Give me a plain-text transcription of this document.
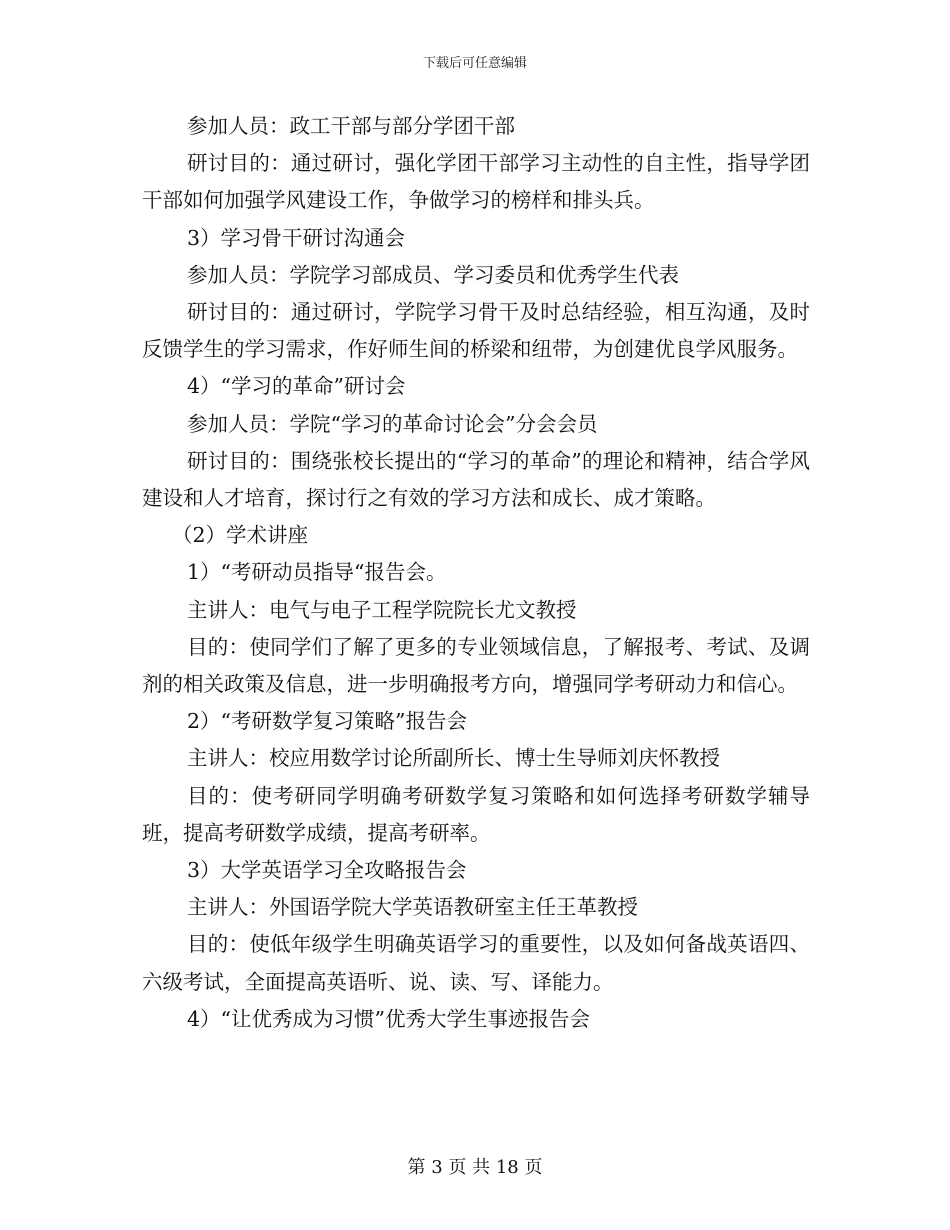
下载后可任意编辑

参加人员：政工干部与部分学团干部

研讨目的：通过研讨，强化学团干部学习主动性的自主性，指导学团干部如何加强学风建设工作，争做学习的榜样和排头兵。

3）学习骨干研讨沟通会

参加人员：学院学习部成员、学习委员和优秀学生代表

研讨目的：通过研讨，学院学习骨干及时总结经验，相互沟通，及时反馈学生的学习需求，作好师生间的桥梁和纽带，为创建优良学风服务。

4）“学习的革命”研讨会

参加人员：学院“学习的革命讨论会”分会会员

研讨目的：围绕张校长提出的“学习的革命”的理论和精神，结合学风建设和人才培育，探讨行之有效的学习方法和成长、成才策略。

（2）学术讲座

1）“考研动员指导“报告会。

主讲人：电气与电子工程学院院长尤文教授

目的：使同学们了解了更多的专业领域信息，了解报考、考试、及调剂的相关政策及信息，进一步明确报考方向，增强同学考研动力和信心。

2）“考研数学复习策略”报告会

主讲人：校应用数学讨论所副所长、博士生导师刘庆怀教授

目的：使考研同学明确考研数学复习策略和如何选择考研数学辅导班，提高考研数学成绩，提高考研率。

3）大学英语学习全攻略报告会

主讲人：外国语学院大学英语教研室主任王革教授

目的：使低年级学生明确英语学习的重要性，以及如何备战英语四、六级考试，全面提高英语听、说、读、写、译能力。

4）“让优秀成为习惯”优秀大学生事迹报告会

第 3 页 共 18 页
